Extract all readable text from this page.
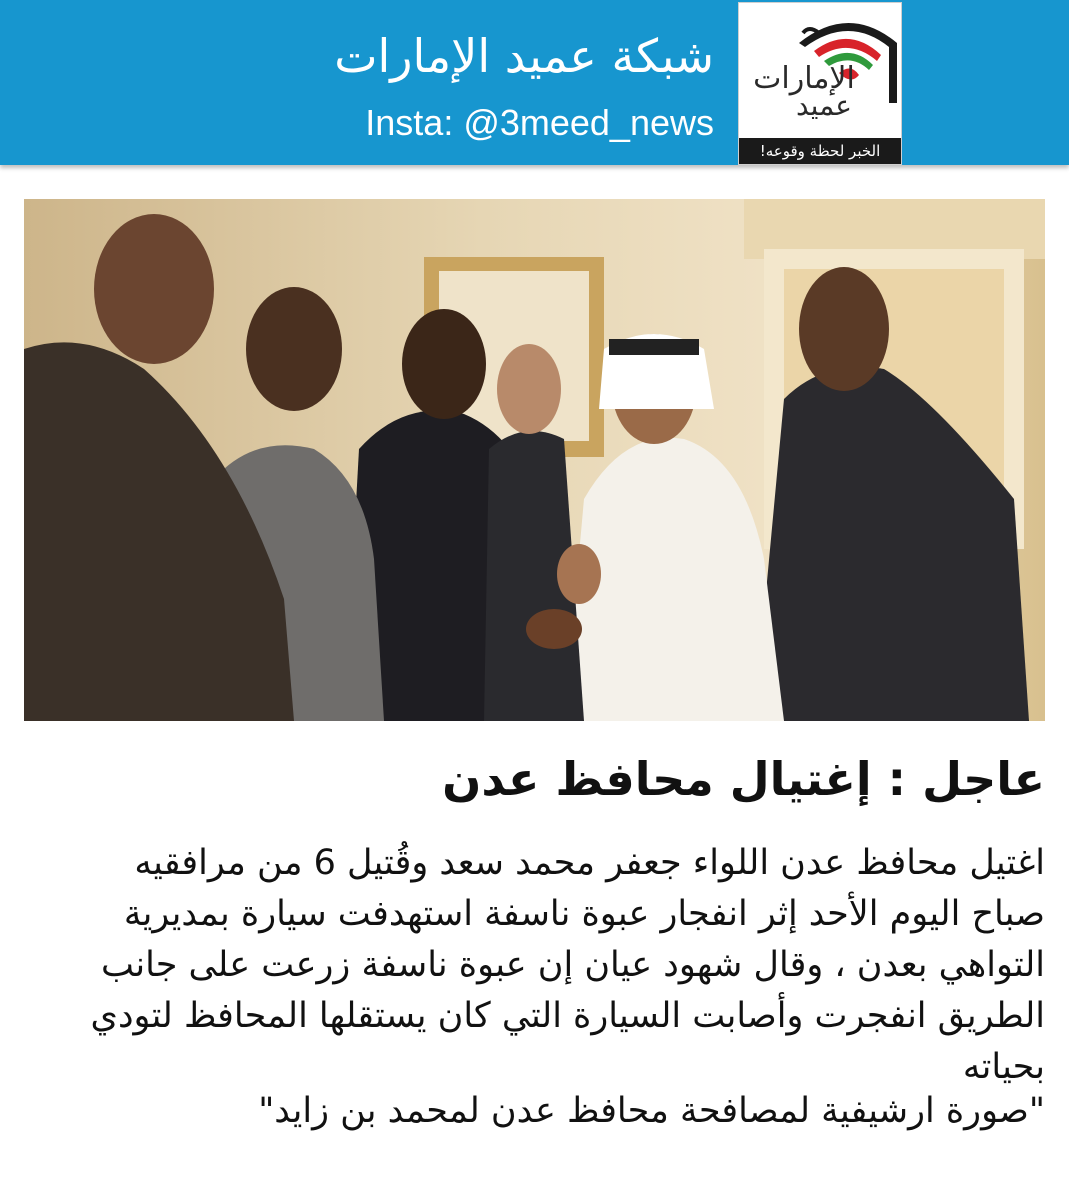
شبكة عميد الإمارات
Insta: @3meed_news
الإمارات
عميد
الخبر لحظة وقوعه!
عاجل : إغتيال محافظ عدن
اغتيل محافظ عدن اللواء جعفر محمد سعد وقُتيل 6 من مرافقيه صباح اليوم الأحد إثر انفجار عبوة ناسفة استهدفت سيارة بمديرية التواهي بعدن ، وقال شهود عيان إن عبوة ناسفة زرعت على جانب الطريق انفجرت وأصابت السيارة التي كان يستقلها المحافظ لتودي بحياته
"صورة ارشيفية لمصافحة محافظ عدن لمحمد بن زايد"
